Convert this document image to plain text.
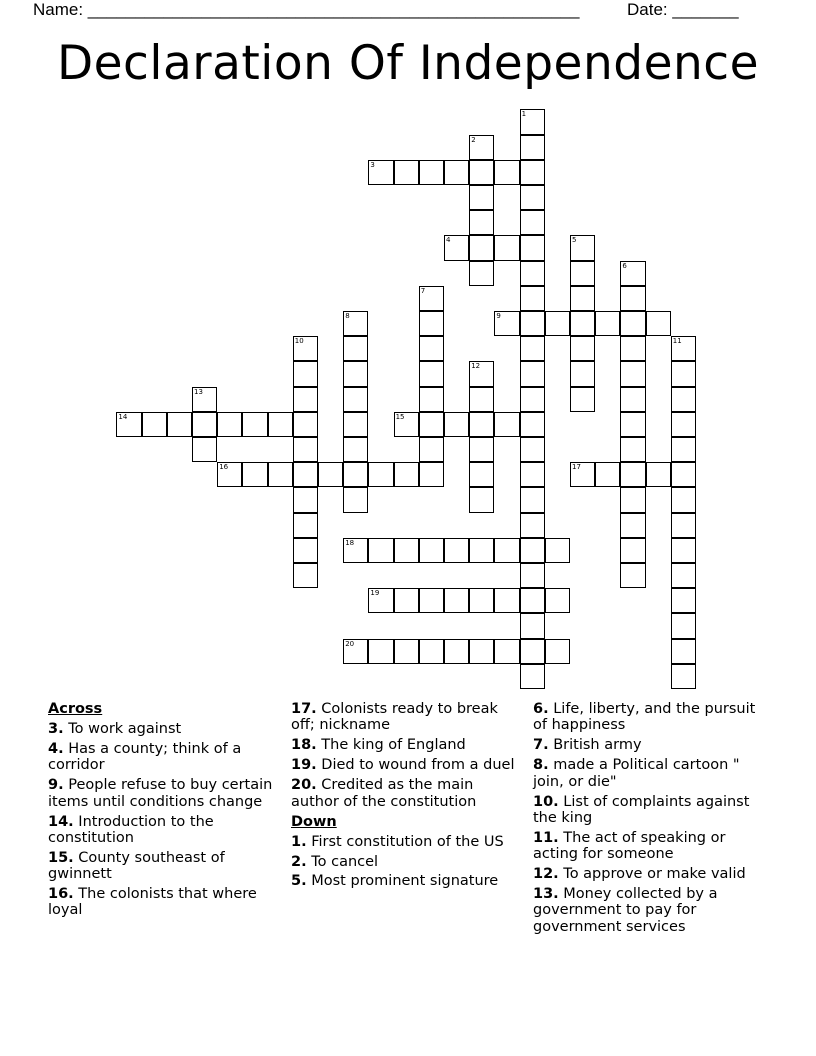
Name: ____________________________________________________	Date: _______
Declaration Of Independence
3
4
9
14	15
16	17
18
19
20
1
2
5
6
7
8
10	11
12
13
Across
3. To work against
4. Has a county; think of a corridor
9. People refuse to buy certain items until conditions change
14. Introduction to the constitution
15. County southeast of gwinnett
16. The colonists that where loyal
17. Colonists ready to break off; nickname
18. The king of England
19. Died to wound from a duel
20. Credited as the main author of the constitution
Down
1. First constitution of the US
2. To cancel
5. Most prominent signature
6. Life, liberty, and the pursuit of happiness
7. British army
8. made a Political cartoon " join, or die"
10. List of complaints against the king
11. The act of speaking or acting for someone
12. To approve or make valid
13. Money collected by a government to pay for government services
